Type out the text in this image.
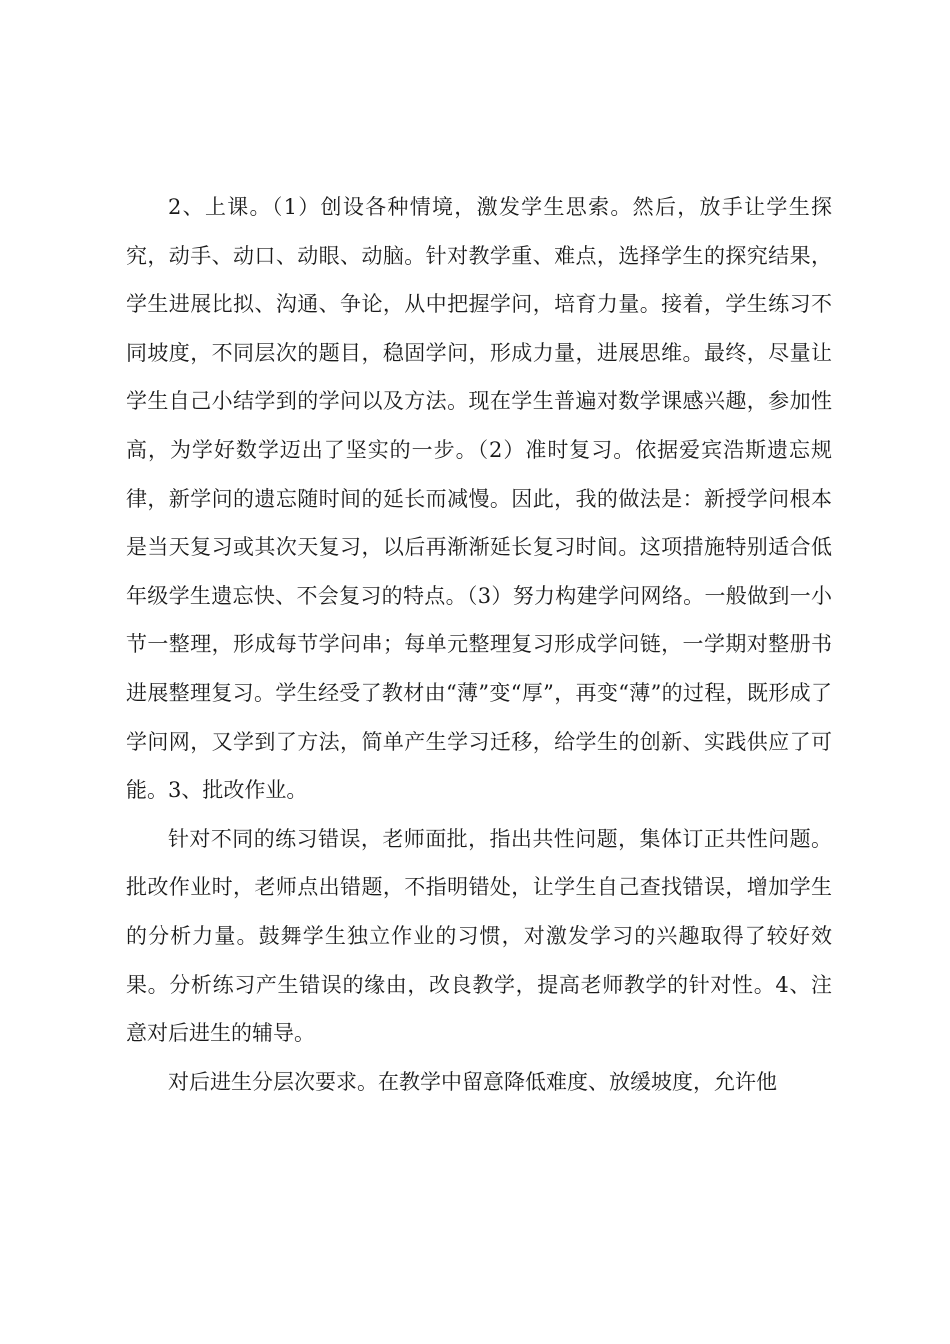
2、上课。（1）创设各种情境，激发学生思索。然后，放手让学生探究，动手、动口、动眼、动脑。针对教学重、难点，选择学生的探究结果，学生进展比拟、沟通、争论，从中把握学问，培育力量。接着，学生练习不同坡度，不同层次的题目，稳固学问，形成力量，进展思维。最终，尽量让学生自己小结学到的学问以及方法。现在学生普遍对数学课感兴趣，参加性高，为学好数学迈出了坚实的一步。（2）准时复习。依据爱宾浩斯遗忘规律，新学问的遗忘随时间的延长而减慢。因此，我的做法是：新授学问根本是当天复习或其次天复习，以后再渐渐延长复习时间。这项措施特别适合低年级学生遗忘快、不会复习的特点。（3）努力构建学问网络。一般做到一小节一整理，形成每节学问串；每单元整理复习形成学问链，一学期对整册书进展整理复习。学生经受了教材由“薄”变“厚”，再变“薄”的过程，既形成了学问网，又学到了方法，简单产生学习迁移，给学生的创新、实践供应了可能。3、批改作业。

针对不同的练习错误，老师面批，指出共性问题，集体订正共性问题。批改作业时，老师点出错题，不指明错处，让学生自己查找错误，增加学生的分析力量。鼓舞学生独立作业的习惯，对激发学习的兴趣取得了较好效果。分析练习产生错误的缘由，改良教学，提高老师教学的针对性。4、注意对后进生的辅导。

对后进生分层次要求。在教学中留意降低难度、放缓坡度，允许他
